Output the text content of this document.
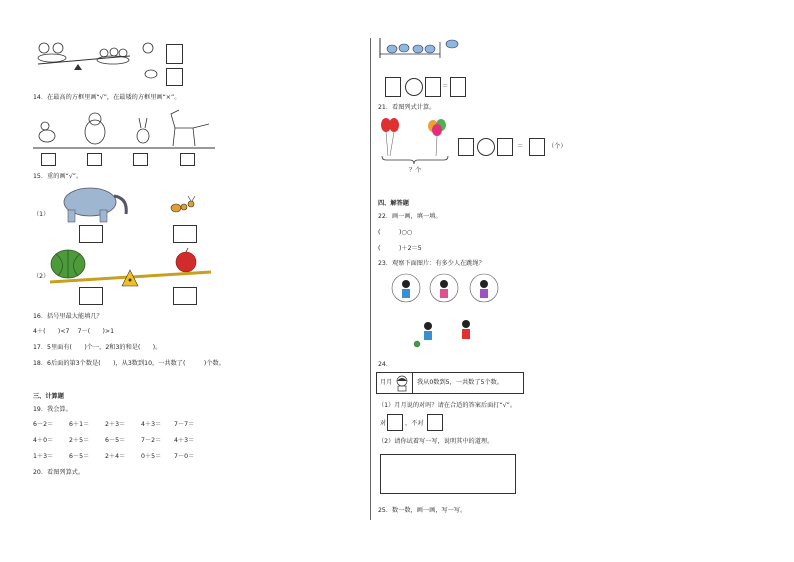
14．在最高的方框里画“√”，在最矮的方框里画“×”。
15．重的画“√”。
（1）
（2）
16．括号里最大能填几？
4＋(　　)<7　 7－(　　)>1
17．5里面有(　　)个一，2和3的和是(　　)。
18．6后面的第3个数是(　　)，从3数到10，一共数了(　　　)个数。
三、计算题
19．我会算。
6－2＝	6＋1＝	2＋3＝	4＋3＝ 7－7＝
4＋0＝	2＋5＝	6－5＝	7－2＝ 4＋3＝
1＋3＝	6－5＝	2＋4＝	0＋5＝ 7－0＝
20．看图列算式。
＝
21．看图列式计算。
？个
＝	（个）
四、解答题
22．画一画，填一填。
(　　　)○○
(　　　)＋2＝5
23．观察下面图片：有多少人在跳绳？
24．
月月	我从0数到5，一共数了5个数。
（1）月月说的对吗？请在合适的答案后面打“√”。
对	，不对
（2）请你试着写一写，说明其中的道理。
25．数一数，画一画，写一写。
